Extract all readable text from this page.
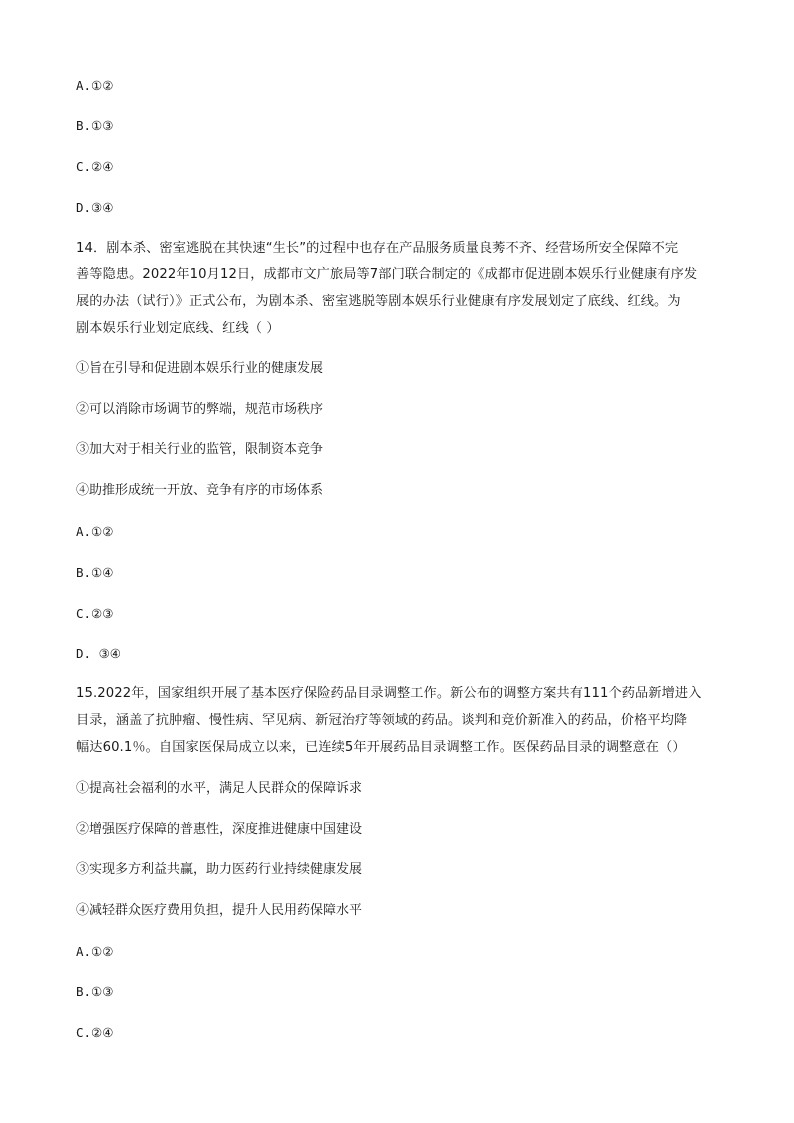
A.①②
B.①③
C.②④
D.③④
14．剧本杀、密室逃脱在其快速“生长”的过程中也存在产品服务质量良莠不齐、经营场所安全保障不完
善等隐患。2022年10月12日，成都市文广旅局等7部门联合制定的《成都市促进剧本娱乐行业健康有序发
展的办法（试行）》正式公布，为剧本杀、密室逃脱等剧本娱乐行业健康有序发展划定了底线、红线。为
剧本娱乐行业划定底线、红线（ ）
①旨在引导和促进剧本娱乐行业的健康发展
②可以消除市场调节的弊端，规范市场秩序
③加大对于相关行业的监管，限制资本竞争
④助推形成统一开放、竞争有序的市场体系
A.①②
B.①④
C.②③
D. ③④
15.2022年，国家组织开展了基本医疗保险药品目录调整工作。新公布的调整方案共有111个药品新增进入
目录，涵盖了抗肿瘤、慢性病、罕见病、新冠治疗等领域的药品。谈判和竞价新准入的药品，价格平均降
幅达60.1％。自国家医保局成立以来，已连续5年开展药品目录调整工作。医保药品目录的调整意在（）
①提高社会福利的水平，满足人民群众的保障诉求
②增强医疗保障的普惠性，深度推进健康中国建设
③实现多方利益共赢，助力医药行业持续健康发展
④减轻群众医疗费用负担，提升人民用药保障水平
A.①②
B.①③
C.②④
